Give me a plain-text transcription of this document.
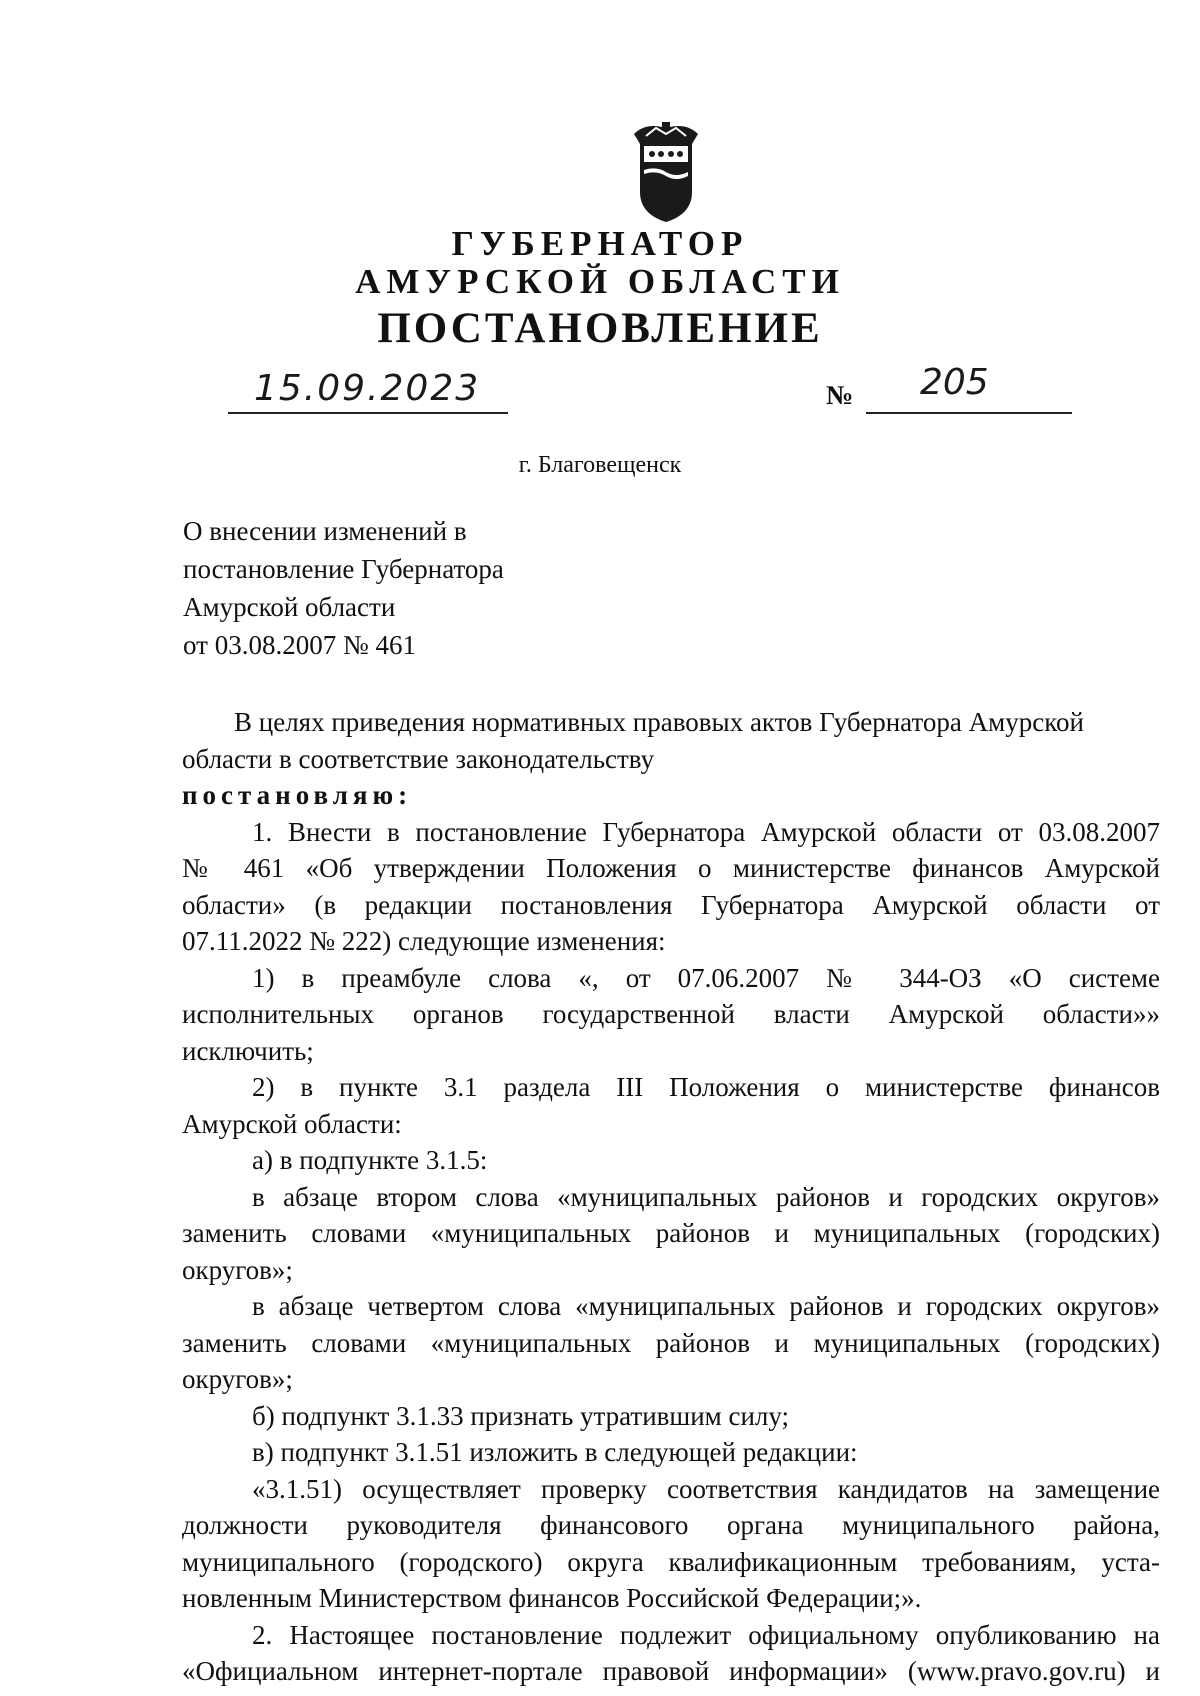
ГУБЕРНАТОР
АМУРСКОЙ ОБЛАСТИ
ПОСТАНОВЛЕНИЕ
15.09.2023	№ 205
г. Благовещенск
О внесении изменений в
постановление Губернатора
Амурской области
от 03.08.2007 № 461
В целях приведения нормативных правовых актов Губернатора Амурской
области в соответствие законодательству
постановляю:
1. Внести в постановление Губернатора Амурской области от 03.08.2007
№ 461 «Об утверждении Положения о министерстве финансов Амурской
области» (в редакции постановления Губернатора Амурской области от
07.11.2022 № 222) следующие изменения:
1) в преамбуле слова «, от 07.06.2007 № 344-ОЗ «О системе
исполнительных органов государственной власти Амурской области»»
исключить;
2) в пункте 3.1 раздела III Положения о министерстве финансов
Амурской области:
а) в подпункте 3.1.5:
в абзаце втором слова «муниципальных районов и городских округов»
заменить словами «муниципальных районов и муниципальных (городских)
округов»;
в абзаце четвертом слова «муниципальных районов и городских округов»
заменить словами «муниципальных районов и муниципальных (городских)
округов»;
б) подпункт 3.1.33 признать утратившим силу;
в) подпункт 3.1.51 изложить в следующей редакции:
«3.1.51) осуществляет проверку соответствия кандидатов на замещение
должности руководителя финансового органа муниципального района,
муниципального (городского) округа квалификационным требованиям, уста-
новленным Министерством финансов Российской Федерации;».
2. Настоящее постановление подлежит официальному опубликованию на
«Официальном интернет-портале правовой информации» (www.pravo.gov.ru) и
